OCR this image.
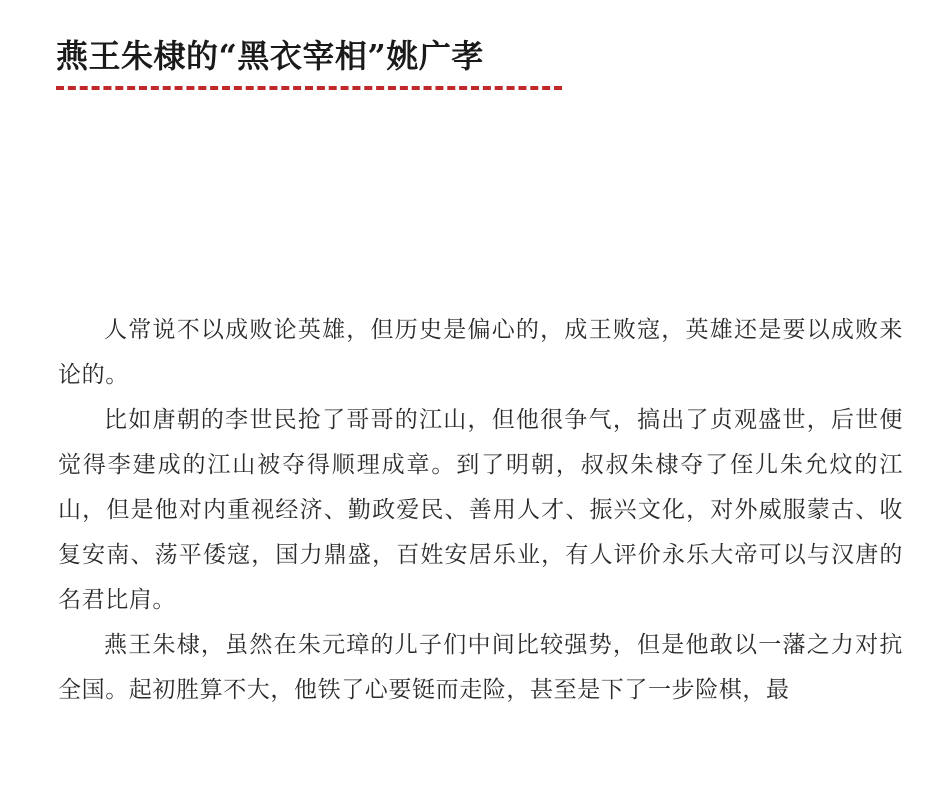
燕王朱棣的“黑衣宰相”姚广孝

人常说不以成败论英雄，但历史是偏心的，成王败寇，英雄还是要以成败来论的。

比如唐朝的李世民抢了哥哥的江山，但他很争气，搞出了贞观盛世，后世便觉得李建成的江山被夺得顺理成章。到了明朝，叔叔朱棣夺了侄儿朱允炆的江山，但是他对内重视经济、勤政爱民、善用人才、振兴文化，对外威服蒙古、收复安南、荡平倭寇，国力鼎盛，百姓安居乐业，有人评价永乐大帝可以与汉唐的名君比肩。

燕王朱棣，虽然在朱元璋的儿子们中间比较强势，但是他敢以一藩之力对抗全国。起初胜算不大，他铁了心要铤而走险，甚至是下了一步险棋，最
